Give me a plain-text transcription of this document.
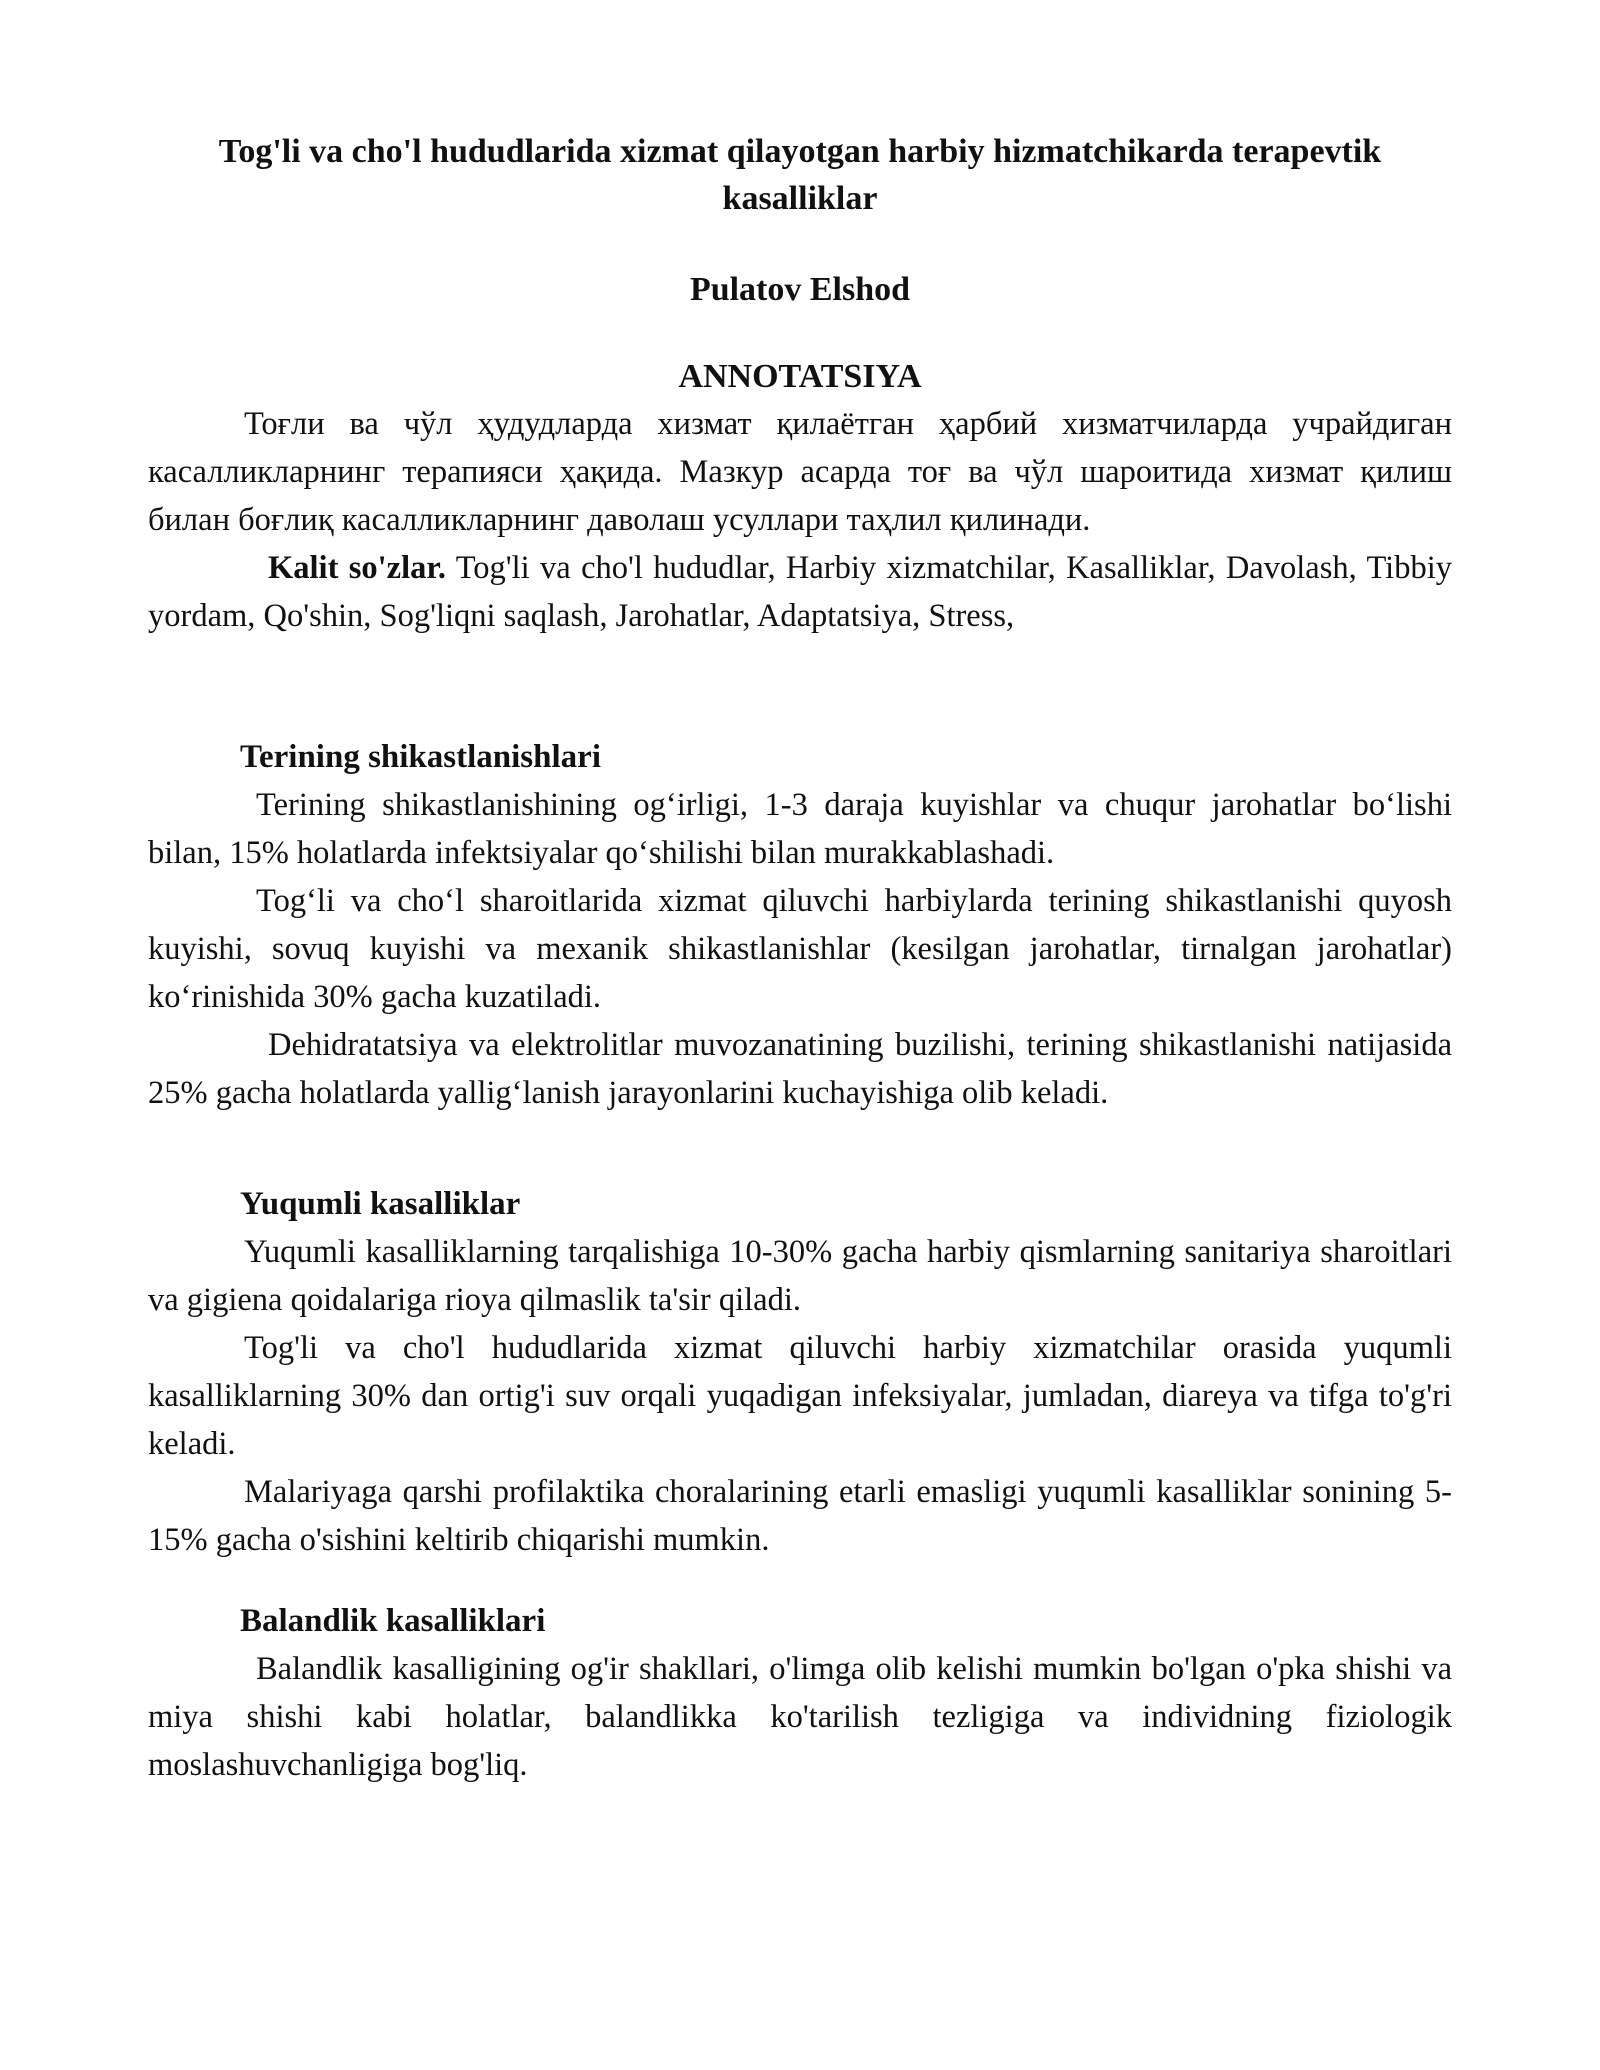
Tog'li va cho'l hududlarida xizmat qilayotgan harbiy hizmatchikarda terapevtik kasalliklar
Pulatov Elshod
ANNOTATSIYA

Тоғли ва чўл ҳудудларда хизмат қилаётган ҳарбий хизматчиларда учрайдиган касалликларнинг терапияси ҳақида. Мазкур асарда тоғ ва чўл шароитида хизмат қилиш билан боғлиқ касалликларнинг даволаш усуллари таҳлил қилинади.

Kalit so'zlar. Tog'li va cho'l hududlar, Harbiy xizmatchilar, Kasalliklar, Davolash, Tibbiy yordam, Qo'shin, Sog'liqni saqlash, Jarohatlar, Adaptatsiya, Stress,

Terining shikastlanishlari

Terining shikastlanishining og‘irligi, 1-3 daraja kuyishlar va chuqur jarohatlar bo‘lishi bilan, 15% holatlarda infektsiyalar qo‘shilishi bilan murakkablashadi.

Tog‘li va cho‘l sharoitlarida xizmat qiluvchi harbiylarda terining shikastlanishi quyosh kuyishi, sovuq kuyishi va mexanik shikastlanishlar (kesilgan jarohatlar, tirnalgan jarohatlar) ko‘rinishida 30% gacha kuzatiladi.

Dehidratatsiya va elektrolitlar muvozanatining buzilishi, terining shikastlanishi natijasida 25% gacha holatlarda yallig‘lanish jarayonlarini kuchayishiga olib keladi.

Yuqumli kasalliklar

Yuqumli kasalliklarning tarqalishiga 10-30% gacha harbiy qismlarning sanitariya sharoitlari va gigiena qoidalariga rioya qilmaslik ta'sir qiladi.

Tog'li va cho'l hududlarida xizmat qiluvchi harbiy xizmatchilar orasida yuqumli kasalliklarning 30% dan ortig'i suv orqali yuqadigan infeksiyalar, jumladan, diareya va tifga to'g'ri keladi.

Malariyaga qarshi profilaktika choralarining etarli emasligi yuqumli kasalliklar sonining 5-15% gacha o'sishini keltirib chiqarishi mumkin.

Balandlik kasalliklari

Balandlik kasalligining og'ir shakllari, o'limga olib kelishi mumkin bo'lgan o'pka shishi va miya shishi kabi holatlar, balandlikka ko'tarilish tezligiga va individning fiziologik moslashuvchanligiga bog'liq.
